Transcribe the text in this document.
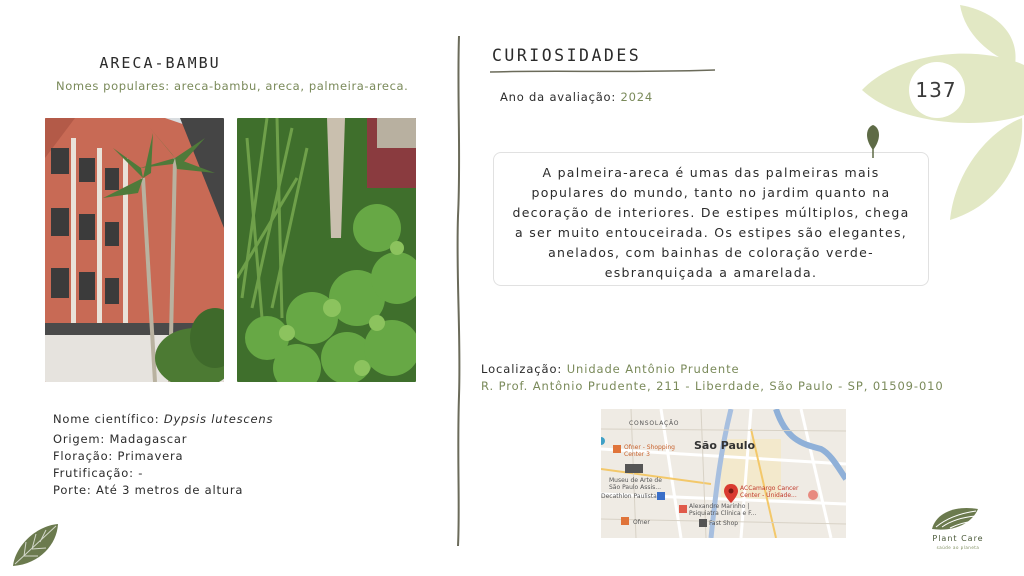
ARECA-BAMBU
Nomes populares: areca-bambu, areca, palmeira-areca.
Nome científico: Dypsis lutescens
Origem: Madagascar
Floração: Primavera
Frutificação: -
Porte: Até 3 metros de altura
CURIOSIDADES
Ano da avaliação: 2024
A palmeira-areca é umas das palmeiras mais populares do mundo, tanto no jardim quanto na decoração de interiores. De estipes múltiplos, chega a ser muito entouceirada. Os estipes são elegantes, anelados, com bainhas de coloração verde-esbranquiçada a amarelada.
Localização: Unidade Antônio Prudente
R. Prof. Antônio Prudente, 211 - Liberdade, São Paulo - SP, 01509-010
CONSOLAÇÃO
São Paulo
Ofner - Shopping
Center 3
Museu de Arte de
São Paulo Assis...
Decathlon Paulista
ACCamargo Cancer
Center - Unidade...
Alexandre Marinho |
Psiquiatra Clínica e F...
Ofner	Fast Shop
137
Plant Care
saúde ao planeta
